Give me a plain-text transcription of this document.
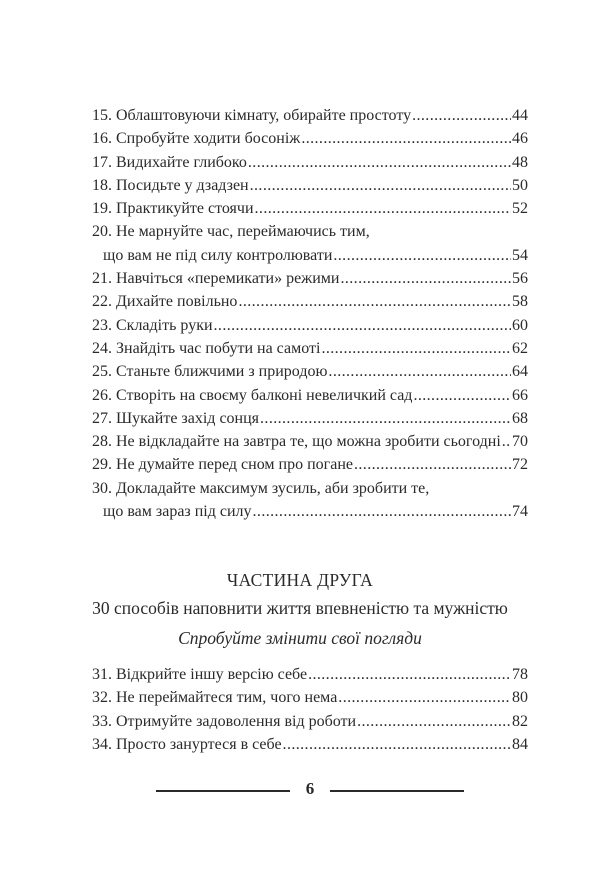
15. Облаштовуючи кімнату, обирайте простоту . . .	44
16. Спробуйте ходити босоніж . . .	46
17. Видихайте глибоко . . .	48
18. Посидьте у дзадзен . . .	50
19. Практикуйте стоячи . . .	52
20. Не марнуйте час, переймаючись тим,
що вам не під силу контролювати . . .	54
21. Навчіться «перемикати» режими . . .	56
22. Дихайте повільно . . .	58
23. Складіть руки . . .	60
24. Знайдіть час побути на самоті . . .	62
25. Станьте ближчими з природою . . .	64
26. Створіть на своєму балконі невеличкий сад . . .	66
27. Шукайте захід сонця . . .	68
28. Не відкладайте на завтра те, що можна зробити сьогодні . . . 70
29. Не думайте перед сном про погане . . .	72
30. Докладайте максимум зусиль, аби зробити те,
що вам зараз під силу . . .	74
ЧАСТИНА ДРУГА
30 способів наповнити життя впевненістю та мужністю
Спробуйте змінити свої погляди
31. Відкрийте іншу версію себе . . .	78
32. Не переймайтеся тим, чого нема . . .	80
33. Отримуйте задоволення від роботи . . .	82
34. Просто зануртеся в себе . . .	84
6
